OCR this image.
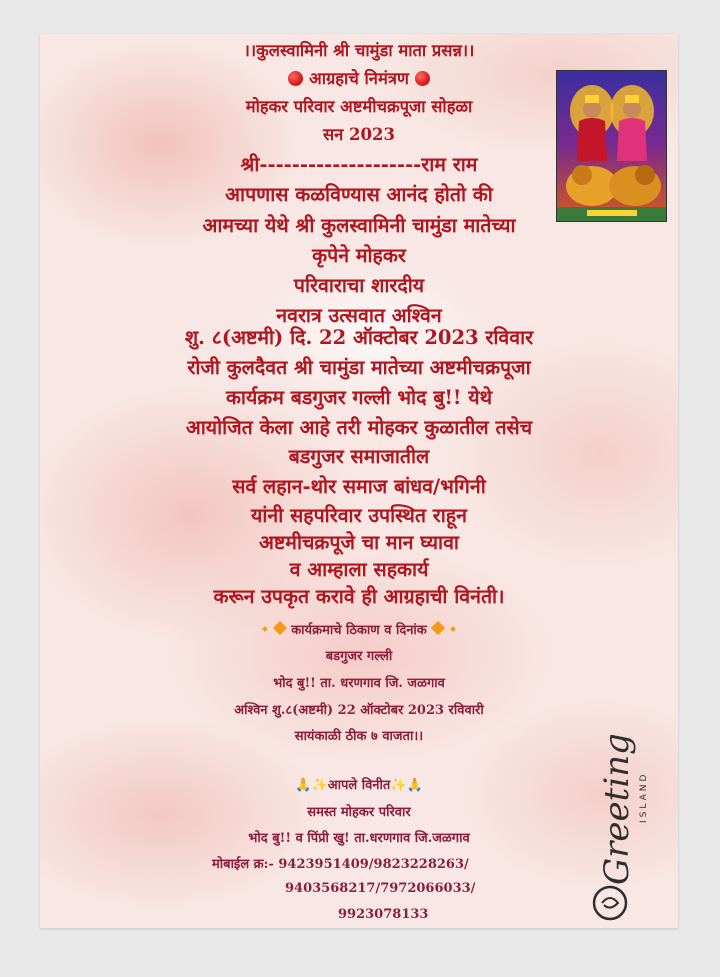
।।कुलस्वामिनी श्री चामुंडा माता प्रसन्न।।
आग्रहाचे निमंत्रण
मोहकर परिवार अष्टमीचक्रपूजा सोहळा
सन 2023
श्री--------------------राम राम
आपणास कळविण्यास आनंद होतो की
आमच्या येथे श्री कुलस्वामिनी चामुंडा मातेच्या
कृपेने मोहकर
परिवाराचा शारदीय
नवरात्र उत्सवात अश्विन
शु. ८(अष्टमी) दि. 22 ऑक्टोबर 2023 रविवार
रोजी कुलदैवत श्री चामुंडा मातेच्या अष्टमीचक्रपूजा
कार्यक्रम बडगुजर गल्ली भोद बु!! येथे
आयोजित केला आहे तरी मोहकर कुळातील तसेच
बडगुजर समाजातील
सर्व लहान-थोर समाज बांधव/भगिनी
यांनी सहपरिवार उपस्थित राहून
अष्टमीचक्रपूजे चा मान घ्यावा
व आम्हाला सहकार्य
करून उपकृत करावे ही आग्रहाची विनंती।
कार्यक्रमाचे ठिकाण व दिनांक
बडगुजर गल्ली
भोद बु!! ता. धरणगाव जि. जळगाव
अश्विन शु.८(अष्टमी) 22 ऑक्टोबर 2023 रविवारी
सायंकाळी ठीक ७ वाजता।।
🙏✨आपले विनीत✨🙏
समस्त मोहकर परिवार
भोद बु!! व पिंप्री खु! ता.धरणगाव जि.जळगाव
मोबाईल क्र:- 9423951409/9823228263/
9403568217/7972066033/
9923078133
Greetings ISLAND
